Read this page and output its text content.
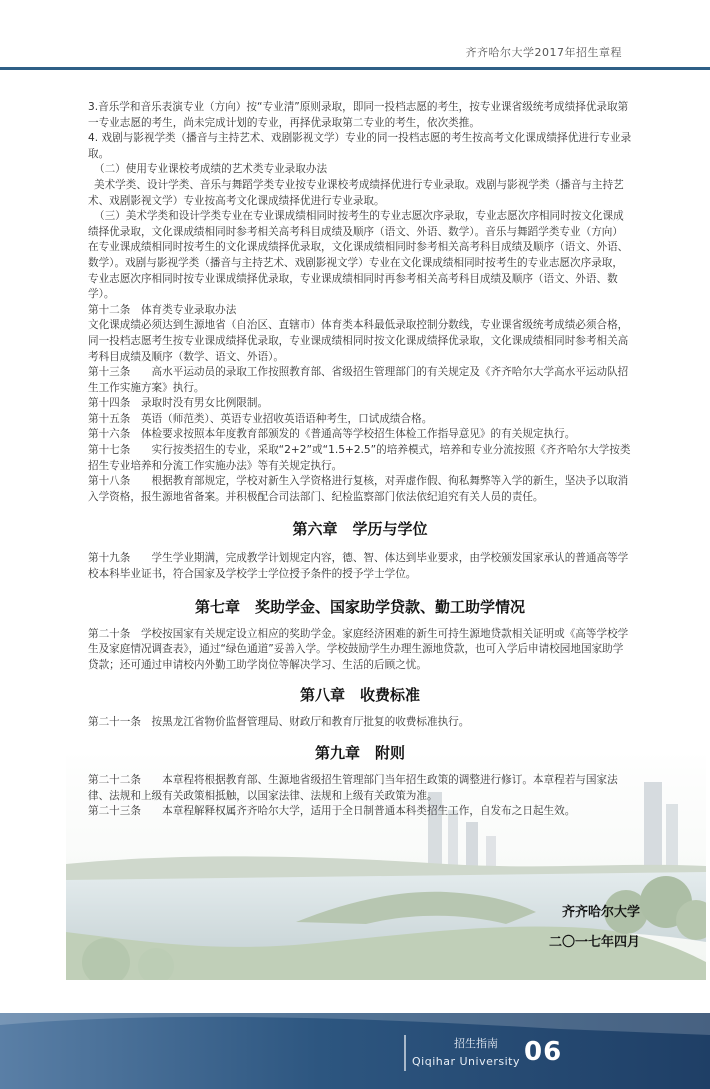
齐齐哈尔大学2017年招生章程

3.音乐学和音乐表演专业（方向）按“专业清”原则录取，即同一投档志愿的考生，按专业课省级统考成绩择优录取第一专业志愿的考生，尚未完成计划的专业，再择优录取第二专业的考生，依次类推。

4. 戏剧与影视学类（播音与主持艺术、戏剧影视文学）专业的同一投档志愿的考生按高考文化课成绩择优进行专业录取。

（二）使用专业课校考成绩的艺术类专业录取办法

美术学类、设计学类、音乐与舞蹈学类专业按专业课校考成绩择优进行专业录取。戏剧与影视学类（播音与主持艺术、戏剧影视文学）专业按高考文化课成绩择优进行专业录取。

（三）美术学类和设计学类专业在专业课成绩相同时按考生的专业志愿次序录取，专业志愿次序相同时按文化课成绩择优录取，文化课成绩相同时参考相关高考科目成绩及顺序（语文、外语、数学）。音乐与舞蹈学类专业（方向）在专业课成绩相同时按考生的文化课成绩择优录取，文化课成绩相同时参考相关高考科目成绩及顺序（语文、外语、数学）。戏剧与影视学类（播音与主持艺术、戏剧影视文学）专业在文化课成绩相同时按考生的专业志愿次序录取，专业志愿次序相同时按专业课成绩择优录取，专业课成绩相同时再参考相关高考科目成绩及顺序（语文、外语、数学）。

第十二条　体育类专业录取办法

文化课成绩必须达到生源地省（自治区、直辖市）体育类本科最低录取控制分数线，专业课省级统考成绩必须合格，同一投档志愿考生按专业课成绩择优录取，专业课成绩相同时按文化课成绩择优录取，文化课成绩相同时参考相关高考科目成绩及顺序（数学、语文、外语）。

第十三条　　高水平运动员的录取工作按照教育部、省级招生管理部门的有关规定及《齐齐哈尔大学高水平运动队招生工作实施方案》执行。

第十四条　录取时没有男女比例限制。

第十五条　英语（师范类）、英语专业招收英语语种考生，口试成绩合格。

第十六条　体检要求按照本年度教育部颁发的《普通高等学校招生体检工作指导意见》的有关规定执行。

第十七条　　实行按类招生的专业，采取“2+2”或“1.5+2.5”的培养模式，培养和专业分流按照《齐齐哈尔大学按类招生专业培养和分流工作实施办法》等有关规定执行。

第十八条　　根据教育部规定，学校对新生入学资格进行复核，对弄虚作假、徇私舞弊等入学的新生，坚决予以取消入学资格，报生源地省备案。并积极配合司法部门、纪检监察部门依法依纪追究有关人员的责任。

第六章　学历与学位

第十九条　　学生学业期满，完成教学计划规定内容，德、智、体达到毕业要求，由学校颁发国家承认的普通高等学校本科毕业证书，符合国家及学校学士学位授予条件的授予学士学位。

第七章　奖助学金、国家助学贷款、勤工助学情况

第二十条　学校按国家有关规定设立相应的奖助学金。家庭经济困难的新生可持生源地贷款相关证明或《高等学校学生及家庭情况调查表》，通过“绿色通道”妥善入学。学校鼓励学生办理生源地贷款，也可入学后申请校园地国家助学贷款；还可通过申请校内外勤工助学岗位等解决学习、生活的后顾之忧。

第八章　收费标准

第二十一条　按黑龙江省物价监督管理局、财政厅和教育厅批复的收费标准执行。

第九章　附则

第二十二条　　本章程将根据教育部、生源地省级招生管理部门当年招生政策的调整进行修订。本章程若与国家法律、法规和上级有关政策相抵触，以国家法律、法规和上级有关政策为准。

第二十三条　　本章程解释权属齐齐哈尔大学，适用于全日制普通本科类招生工作，自发布之日起生效。

齐齐哈尔大学
二〇一七年四月
招生指南
Qiqihar University 06
